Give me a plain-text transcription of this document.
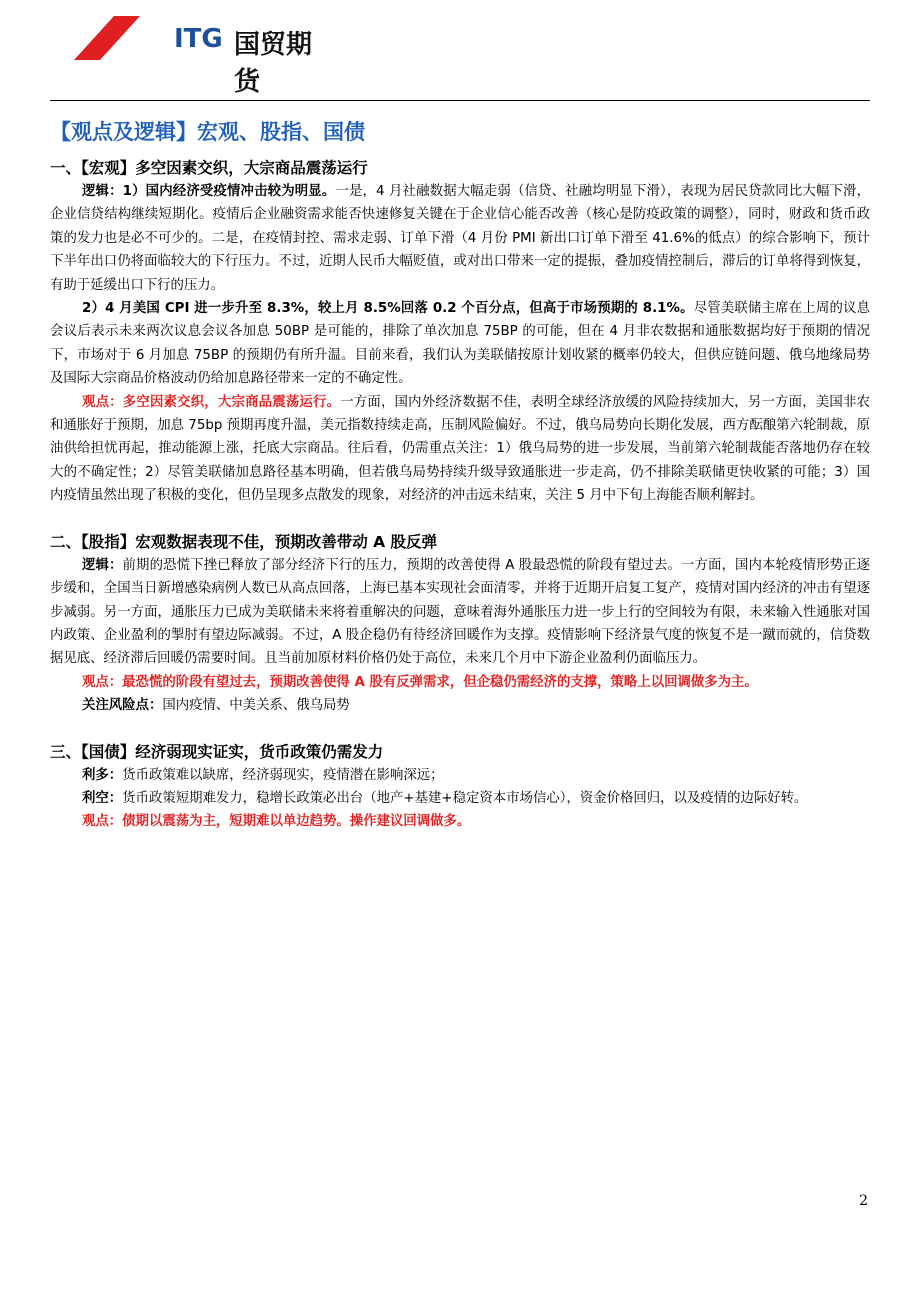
ITG 国贸期货
【观点及逻辑】宏观、股指、国债
一、【宏观】多空因素交织，大宗商品震荡运行

逻辑：1）国内经济受疫情冲击较为明显。一是，4 月社融数据大幅走弱（信贷、社融均明显下滑），表现为居民贷款同比大幅下滑，企业信贷结构继续短期化。疫情后企业融资需求能否快速修复关键在于企业信心能否改善（核心是防疫政策的调整），同时，财政和货币政策的发力也是必不可少的。二是，在疫情封控、需求走弱、订单下滑（4 月份 PMI 新出口订单下滑至 41.6%的低点）的综合影响下，预计下半年出口仍将面临较大的下行压力。不过，近期人民币大幅贬值，或对出口带来一定的提振，叠加疫情控制后，滞后的订单将得到恢复，有助于延缓出口下行的压力。

2）4 月美国 CPI 进一步升至 8.3%，较上月 8.5%回落 0.2 个百分点，但高于市场预期的 8.1%。尽管美联储主席在上周的议息会议后表示未来两次议息会议各加息 50BP 是可能的，排除了单次加息 75BP 的可能，但在 4 月非农数据和通胀数据均好于预期的情况下，市场对于 6 月加息 75BP 的预期仍有所升温。目前来看，我们认为美联储按原计划收紧的概率仍较大，但供应链问题、俄乌地缘局势及国际大宗商品价格波动仍给加息路径带来一定的不确定性。

观点：多空因素交织，大宗商品震荡运行。一方面，国内外经济数据不佳，表明全球经济放缓的风险持续加大，另一方面，美国非农和通胀好于预期，加息 75bp 预期再度升温，美元指数持续走高，压制风险偏好。不过，俄乌局势向长期化发展，西方酝酿第六轮制裁，原油供给担忧再起，推动能源上涨，托底大宗商品。往后看，仍需重点关注：1）俄乌局势的进一步发展，当前第六轮制裁能否落地仍存在较大的不确定性；2）尽管美联储加息路径基本明确，但若俄乌局势持续升级导致通胀进一步走高，仍不排除美联储更快收紧的可能；3）国内疫情虽然出现了积极的变化，但仍呈现多点散发的现象，对经济的冲击远未结束，关注 5 月中下旬上海能否顺利解封。

二、【股指】宏观数据表现不佳，预期改善带动 A 股反弹

逻辑：前期的恐慌下挫已释放了部分经济下行的压力，预期的改善使得 A 股最恐慌的阶段有望过去。一方面，国内本轮疫情形势正逐步缓和，全国当日新增感染病例人数已从高点回落，上海已基本实现社会面清零，并将于近期开启复工复产，疫情对国内经济的冲击有望逐步减弱。另一方面，通胀压力已成为美联储未来将着重解决的问题，意味着海外通胀压力进一步上行的空间较为有限，未来输入性通胀对国内政策、企业盈利的掣肘有望边际减弱。不过，A 股企稳仍有待经济回暖作为支撑。疫情影响下经济景气度的恢复不是一蹴而就的，信贷数据见底、经济滞后回暖仍需要时间。且当前加原材料价格仍处于高位，未来几个月中下游企业盈利仍面临压力。

观点：最恐慌的阶段有望过去，预期改善使得 A 股有反弹需求，但企稳仍需经济的支撑，策略上以回调做多为主。

关注风险点：国内疫情、中美关系、俄乌局势

三、【国债】经济弱现实证实，货币政策仍需发力

利多：货币政策难以缺席，经济弱现实，疫情潜在影响深远；

利空：货币政策短期难发力，稳增长政策必出台（地产+基建+稳定资本市场信心），资金价格回归，以及疫情的边际好转。

观点：债期以震荡为主，短期难以单边趋势。操作建议回调做多。

2
